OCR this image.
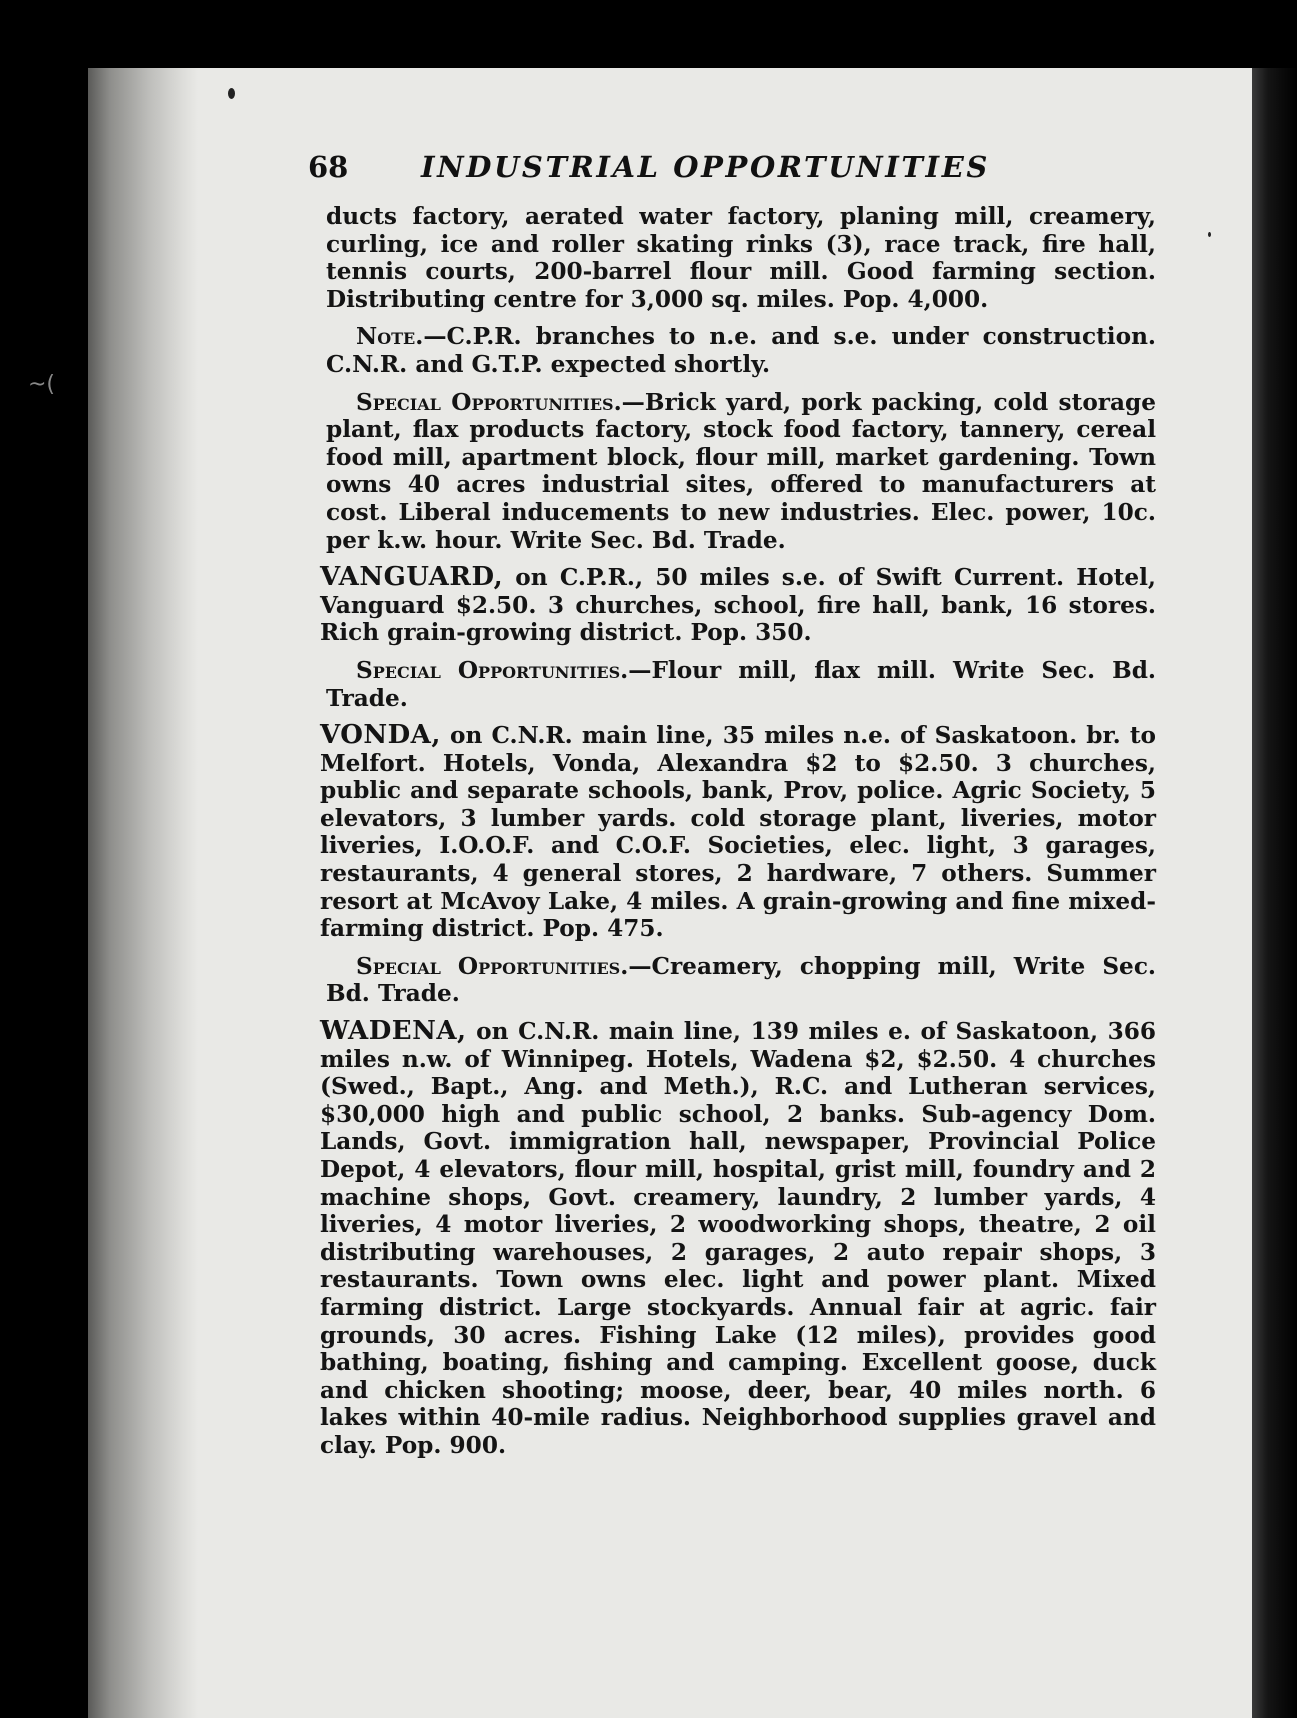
~(
68	INDUSTRIAL OPPORTUNITIES

ducts factory, aerated water factory, planing mill, creamery, curling, ice and roller skating rinks (3), race track, fire hall, tennis courts, 200-barrel flour mill. Good farming section. Distributing centre for 3,000 sq. miles. Pop. 4,000.

Note.—C.P.R. branches to n.e. and s.e. under construction. C.N.R. and G.T.P. expected shortly.

Special Opportunities.—Brick yard, pork packing, cold storage plant, flax products factory, stock food factory, tannery, cereal food mill, apartment block, flour mill, market gardening. Town owns 40 acres industrial sites, offered to manufacturers at cost. Liberal inducements to new industries. Elec. power, 10c. per k.w. hour. Write Sec. Bd. Trade.

VANGUARD, on C.P.R., 50 miles s.e. of Swift Current. Hotel, Vanguard $2.50. 3 churches, school, fire hall, bank, 16 stores. Rich grain-growing district. Pop. 350.

Special Opportunities.—Flour mill, flax mill. Write Sec. Bd. Trade.

VONDA, on C.N.R. main line, 35 miles n.e. of Saskatoon. br. to Melfort. Hotels, Vonda, Alexandra $2 to $2.50. 3 churches, public and separate schools, bank, Prov, police. Agric Society, 5 elevators, 3 lumber yards. cold storage plant, liveries, motor liveries, I.O.O.F. and C.O.F. Societies, elec. light, 3 garages, restaurants, 4 general stores, 2 hardware, 7 others. Summer resort at McAvoy Lake, 4 miles. A grain-growing and fine mixed-farming district. Pop. 475.

Special Opportunities.—Creamery, chopping mill, Write Sec. Bd. Trade.

WADENA, on C.N.R. main line, 139 miles e. of Saskatoon, 366 miles n.w. of Winnipeg. Hotels, Wadena $2, $2.50. 4 churches (Swed., Bapt., Ang. and Meth.), R.C. and Lutheran services, $30,000 high and public school, 2 banks. Sub-agency Dom. Lands, Govt. immigration hall, newspaper, Provincial Police Depot, 4 elevators, flour mill, hospital, grist mill, foundry and 2 machine shops, Govt. creamery, laundry, 2 lumber yards, 4 liveries, 4 motor liveries, 2 woodworking shops, theatre, 2 oil distributing warehouses, 2 garages, 2 auto repair shops, 3 restaurants. Town owns elec. light and power plant. Mixed farming district. Large stockyards. Annual fair at agric. fair grounds, 30 acres. Fishing Lake (12 miles), provides good bathing, boating, fishing and camping. Excellent goose, duck and chicken shooting; moose, deer, bear, 40 miles north. 6 lakes within 40-mile radius. Neighborhood supplies gravel and clay. Pop. 900.
